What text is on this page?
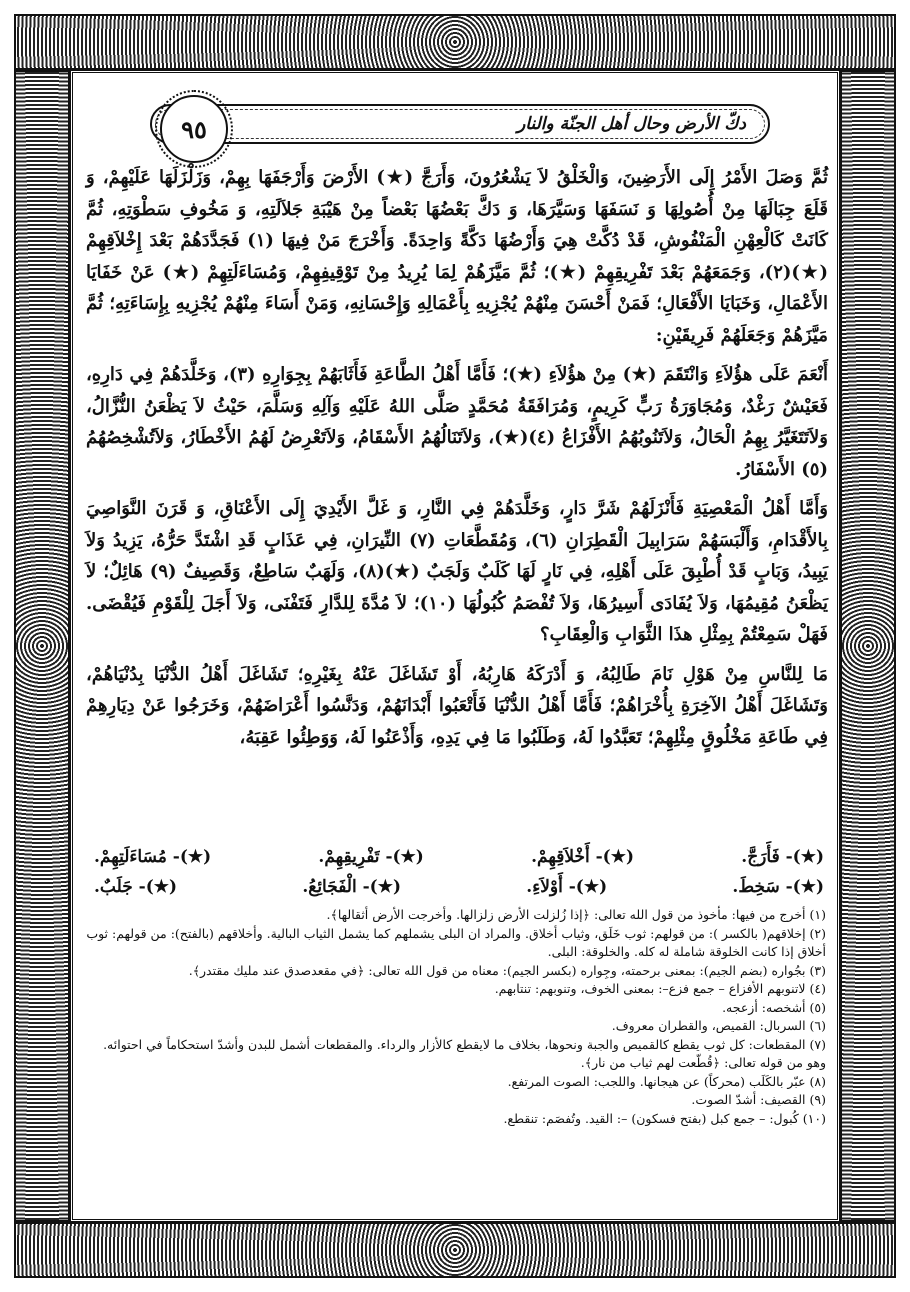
دكّ الأرض وحال أهل الجنّة والنار
٩٥

ثُمَّ وَصَلَ الأَمْرُ إِلَى الأَرَضِينَ، وَالْخَلْقُ لاَ يَشْعُرُونَ، وَأَرَجَّ (★) الأَرْضَ وَأَرْجَفَهَا بِهِمْ، وَزَلْزَلَهَا عَلَيْهِمْ، وَ قَلَعَ جِبَالَهَا مِنْ أُصُولِهَا وَ نَسَفَهَا وَسَيَّرَهَا، وَ دَكَّ بَعْضُهَا بَعْضاً مِنْ هَيْبَةِ جَلاَلَتِهِ، وَ مَخُوفِ سَطْوَتِهِ، ثُمَّ كَانَتْ كَالْعِهْنِ الْمَنْفُوشِ، قَدْ دُكَّتْ هِيَ وَأَرْضُهَا دَكَّةً وَاحِدَةً. وَأَخْرَجَ مَنْ فِيهَا (١) فَجَدَّدَهُمْ بَعْدَ إِخْلاَقِهِمْ (★)(٢)، وَجَمَعَهُمْ بَعْدَ تَفْرِيقِهِمْ (★)؛ ثُمَّ مَيَّزَهُمْ لِمَا يُرِيدُ مِنْ تَوْقِيفِهِمْ، وَمُسَاءَلَتِهِمْ (★) عَنْ خَفَايَا الأَعْمَالِ، وَخَبَايَا الأَفْعَالِ؛ فَمَنْ أَحْسَنَ مِنْهُمْ يُجْزِيهِ بِأَعْمَالِهِ وَإِحْسَانِهِ، وَمَنْ أَسَاءَ مِنْهُمْ يُجْزِيهِ بِإِسَاءَتِهِ؛ ثُمَّ مَيَّزَهُمْ وَجَعَلَهُمْ فَرِيقَيْنِ:

أَنْعَمَ عَلَى هؤُلاَءِ وَانْتَقَمَ (★) مِنْ هؤُلاَءِ (★)؛ فَأَمَّا أَهْلُ الطَّاعَةِ فَأَثَابَهُمْ بِجِوَارِهِ (٣)، وَخَلَّدَهُمْ فِي دَارِهِ، فَعَيْشٌ رَغْدٌ، وَمُجَاوَرَةُ رَبٍّ كَرِيمٍ، وَمُرَافَقَةُ مُحَمَّدٍ صَلَّى اللهُ عَلَيْهِ وَآلِهِ وَسَلَّمَ، حَيْثُ لاَ يَظْعَنُ النُّزَّالُ، وَلاَتَتَغَيَّرُ بِهِمُ الْحَالُ، وَلاَتَنُوبُهُمُ الأَفْزَاعُ (٤)(★)، وَلاَتَنَالُهُمُ الأَسْقَامُ، وَلاَتَعْرِضُ لَهُمُ الأَخْطَارُ، وَلاَتُشْخِصُهُمُ (٥) الأَسْفَارُ.

وَأَمَّا أَهْلُ الْمَعْصِيَةِ فَأَنْزَلَهُمْ شَرَّ دَارٍ، وَخَلَّدَهُمْ فِي النَّارِ، وَ غَلَّ الأَيْدِيَ إِلَى الأَعْنَاقِ، وَ قَرَنَ النَّوَاصِيَ بِالأَقْدَامِ، وَأَلْبَسَهُمْ سَرَابِيلَ الْقَطِرَانِ (٦)، وَمُقَطَّعَاتِ (٧) النِّيرَانِ، فِي عَذَابٍ قَدِ اشْتَدَّ حَرُّهُ، يَزِيدُ وَلاَ يَبِيدُ، وَبَابٍ قَدْ أُطْبِقَ عَلَى أَهْلِهِ، فِي نَارٍ لَهَا كَلَبٌ وَلَجَبٌ (★)(٨)، وَلَهَبٌ سَاطِعٌ، وَقَصِيفٌ (٩) هَائِلٌ؛ لاَ يَظْعَنُ مُقِيمُهَا، وَلاَ يُفَادَى أَسِيرُهَا، وَلاَ تُفْصَمُ كُبُولُهَا (١٠)؛ لاَ مُدَّةَ لِلدَّارِ فَتَفْنَى، وَلاَ أَجَلَ لِلْقَوْمِ فَيُقْضَى. فَهَلْ سَمِعْتُمْ بِمِثْلِ هذَا الثَّوَابِ وَالْعِقَابِ؟

مَا لِلنَّاسِ مِنْ هَوْلِ نَامَ طَالِبُهُ، وَ أَدْرَكَهُ هَارِبُهُ، أَوْ تَشَاغَلَ عَنْهُ بِغَيْرِهِ؛ تَشَاغَلَ أَهْلُ الدُّنْيَا بِدُنْيَاهُمْ، وَتَشَاغَلَ أَهْلُ الآخِرَةِ بِأُخْرَاهُمْ؛ فَأَمَّا أَهْلُ الدُّنْيَا فَأَتْعَبُوا أَبْدَانَهُمْ، وَدَنَّسُوا أَعْرَاضَهُمْ، وَخَرَجُوا عَنْ دِيَارِهِمْ فِي طَاعَةِ مَخْلُوقٍ مِثْلِهِمْ؛ تَعَبَّدُوا لَهُ، وَطَلَبُوا مَا فِي يَدِهِ، وَأَذْعَنُوا لَهُ، وَوَطِئُوا عَقِبَهُ،

(★)- فَأَرَجَّ.
(★)- أَخْلاَقِهِمْ.
(★)- تَفْرِيقِهِمْ.
(★)- مُسَاءَلَتِهِمْ.
(★)- سَخِطَ.
(★)- أَوْلاَءِ.
(★)- الْفَجَائِعُ.
(★)- جَلَبٌ.

(١) أخرج من فيها: مأخوذ من قول الله تعالى: ﴿إذا زُلزلت الأرض زلزالها. وأخرجت الأرض أثقالها﴾.

(٢) إخلاقهم( بالكسر ): من قولهم: ثوب خَلَق، وثياب أخلاق. والمراد ان البلى يشملهم كما يشمل الثياب البالية. وأخلاقهم (بالفتح): من قولهم: ثوب أخلاق إذا كانت الخلوقة شاملة له كله. والخلوقة: البلى.

(٣) بجُواره (بضم الجيم): بمعنى برحمته، وجِواره (بكسر الجيم): معناه من قول الله تعالى: ﴿في مقعدصدق عند مليك مقتدر﴾.

(٤) لاتنوبهم الأفزاع – جمع فزع–: بمعنى الخوف، وتنوبهم: تنتابهم.

(٥) أشخصه: أزعجه.

(٦) السربال: القميص، والقطران معروف.

(٧) المقطعات: كل ثوب يقطع كالقميص والجبة ونحوها، بخلاف ما لايقطع كالأزار والرداء. والمقطعات أشمل للبدن وأشدّ استحكاماً في احتوائه. وهو من قوله تعالى: ﴿قُطّعت لهم ثياب من نار﴾.

(٨) عبّر بالكَلَب (محركاً) عن هيجانها. واللجب: الصوت المرتفع.

(٩) القصيف: أشدّ الصوت.

(١٠) كُبول: – جمع كبل (بفتح فسكون) –: القيد. وتُفصَم: تنقطع.
